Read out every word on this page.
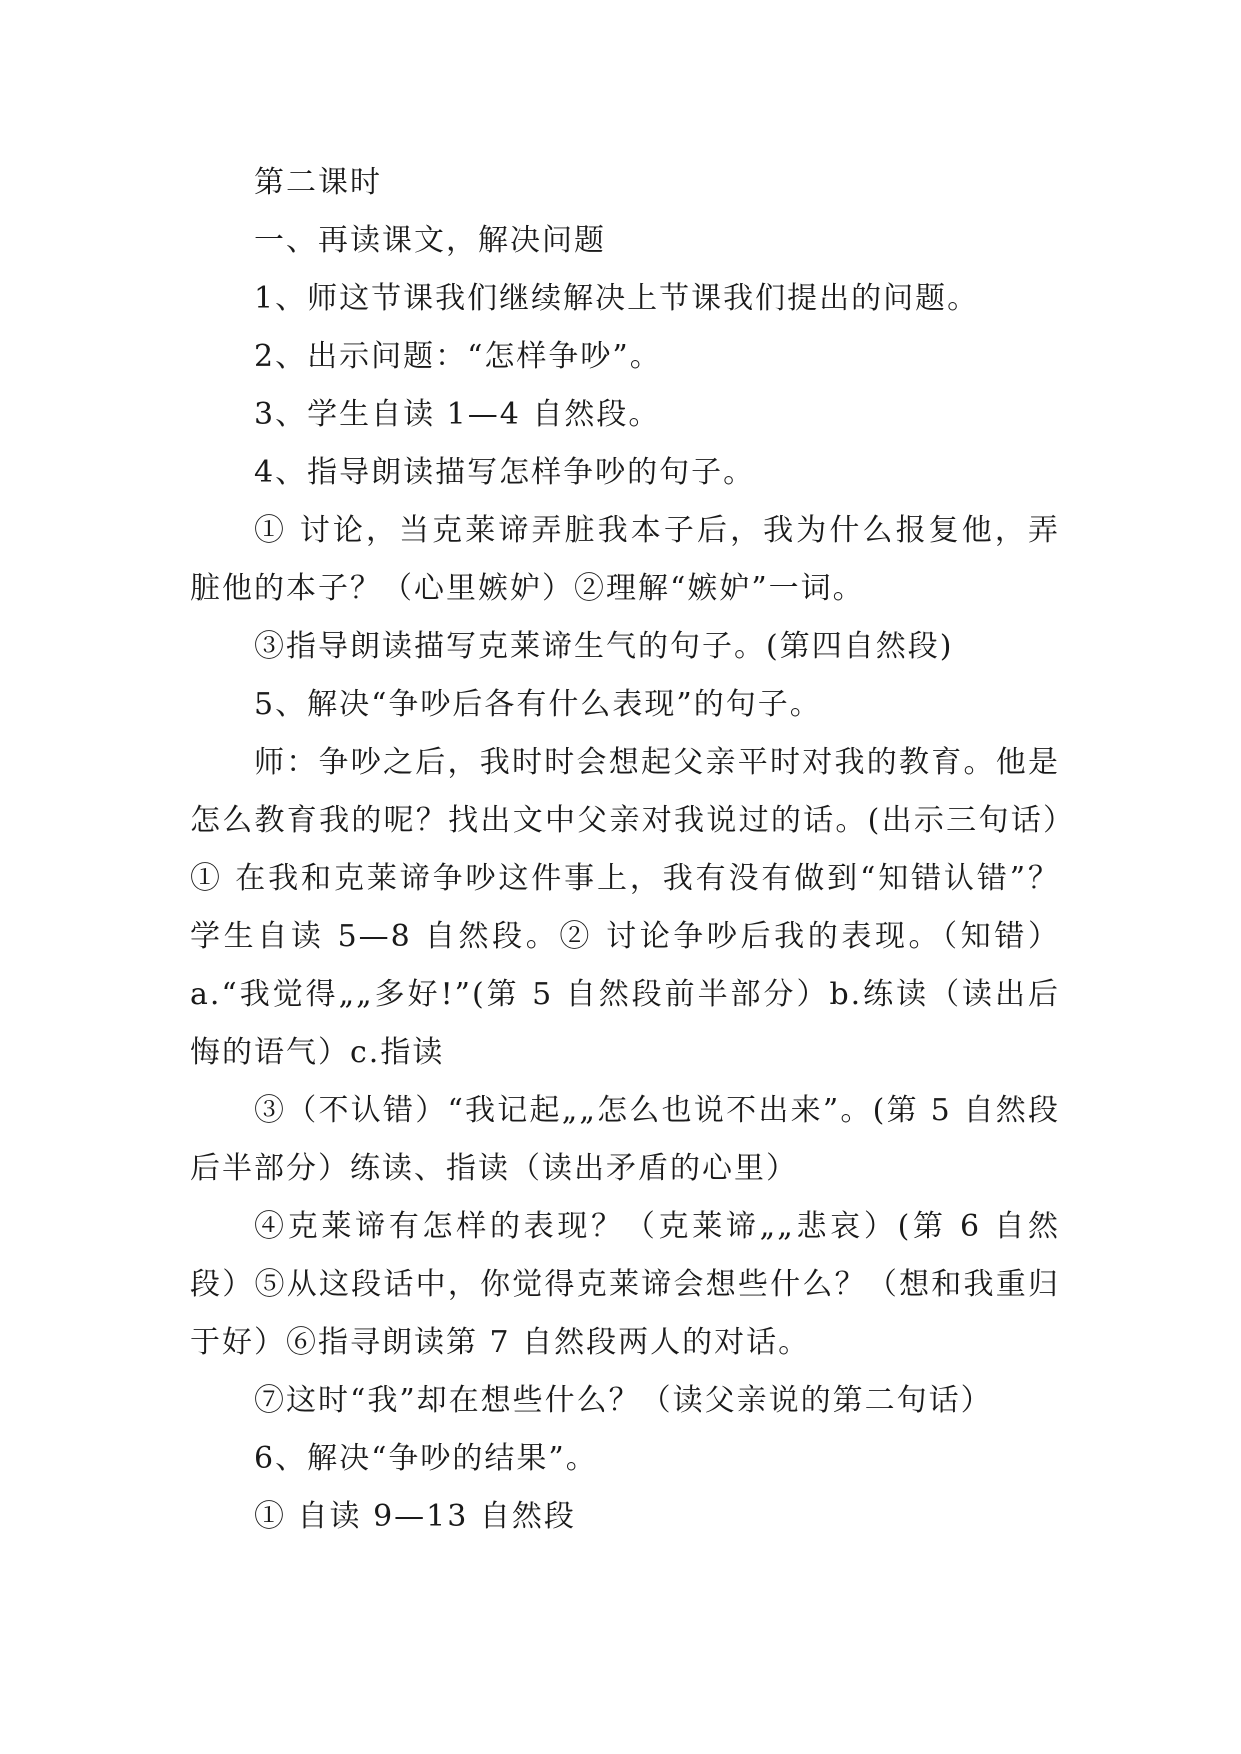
第二课时

一、再读课文，解决问题

1、师这节课我们继续解决上节课我们提出的问题。

2、出示问题：“怎样争吵”。

3、学生自读 1—4 自然段。

4、指导朗读描写怎样争吵的句子。

① 讨论，当克莱谛弄脏我本子后，我为什么报复他，弄脏他的本子？（心里嫉妒）②理解“嫉妒”一词。

③指导朗读描写克莱谛生气的句子。(第四自然段)

5、解决“争吵后各有什么表现”的句子。

师：争吵之后，我时时会想起父亲平时对我的教育。他是怎么教育我的呢？找出文中父亲对我说过的话。(出示三句话）① 在我和克莱谛争吵这件事上，我有没有做到“知错认错”？学生自读 5—8 自然段。② 讨论争吵后我的表现。（知错）a.“我觉得„„多好!”(第 5 自然段前半部分）b.练读（读出后悔的语气）c.指读

③（不认错）“我记起„„怎么也说不出来”。(第 5 自然段后半部分）练读、指读（读出矛盾的心里）

④克莱谛有怎样的表现？（克莱谛„„悲哀）(第 6 自然段）⑤从这段话中，你觉得克莱谛会想些什么？（想和我重归于好）⑥指寻朗读第 7 自然段两人的对话。

⑦这时“我”却在想些什么？（读父亲说的第二句话）

6、解决“争吵的结果”。

① 自读 9—13 自然段
